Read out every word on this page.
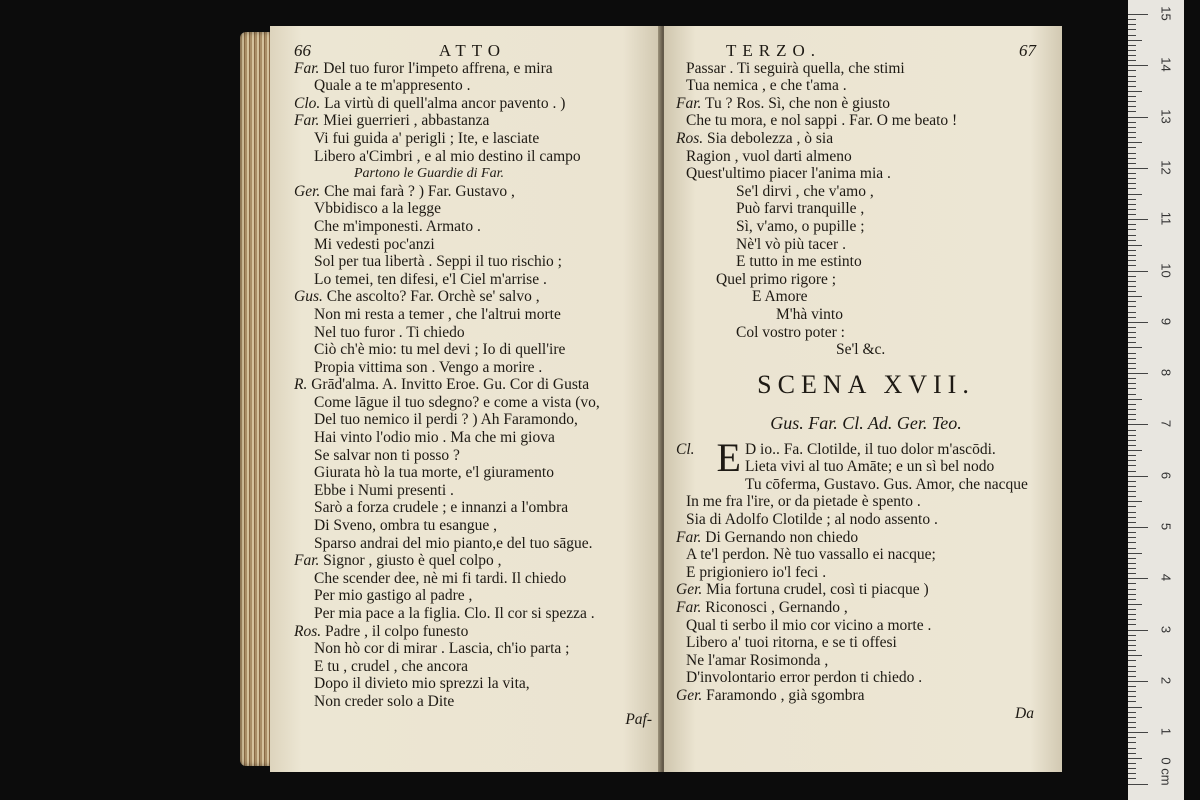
66	ATTO
Far. Del tuo furor l'impeto affrena, e mira
Quale a te m'appresento .
Clo. La virtù di quell'alma ancor pavento . )
Far. Miei guerrieri , abbastanza
Vi fui guida a' perigli ; Ite, e lasciate
Libero a'Cimbri , e al mio destino il campo
Partono le Guardie di Far.
Ger. Che mai farà ? ) Far. Gustavo ,
Vbbidisco a la legge
Che m'imponesti. Armato .
Mi vedesti poc'anzi
Sol per tua libertà . Seppi il tuo rischio ;
Lo temei, ten difesi, e'l Ciel m'arrise .
Gus. Che ascolto? Far. Orchè se' salvo ,
Non mi resta a temer , che l'altrui morte
Nel tuo furor . Ti chiedo
Ciò ch'è mio: tu mel devi ; Io di quell'ire
Propia vittima son . Vengo a morire .
R. Grād'alma. A. Invitto Eroe. Gu. Cor di Gusta
Come lāgue il tuo sdegno? e come a vista (vo,
Del tuo nemico il perdi ? ) Ah Faramondo,
Hai vinto l'odio mio . Ma che mi giova
Se salvar non ti posso ?
Giurata hò la tua morte, e'l giuramento
Ebbe i Numi presenti .
Sarò a forza crudele ; e innanzi a l'ombra
Di Sveno, ombra tu esangue ,
Sparso andrai del mio pianto,e del tuo sāgue.
Far. Signor , giusto è quel colpo ,
Che scender dee, nè mi fi tardi. Il chiedo
Per mio gastigo al padre ,
Per mia pace a la figlia. Clo. Il cor si spezza .
Ros. Padre , il colpo funesto
Non hò cor di mirar . Lascia, ch'io parta ;
E tu , crudel , che ancora
Dopo il divieto mio sprezzi la vita,
Non creder solo a Dite
Paf-
TERZO.	67
Passar . Ti seguirà quella, che stimi
Tua nemica , e che t'ama .
Far. Tu ? Ros. Sì, che non è giusto
Che tu mora, e nol sappi . Far. O me beato !
Ros. Sia debolezza , ò sia
Ragion , vuol darti almeno
Quest'ultimo piacer l'anima mia .
Se'l dirvi , che v'amo ,
Può farvi tranquille ,
Sì, v'amo, o pupille ;
Nè'l vò più tacer .
E tutto in me estinto
Quel primo rigore ;
E Amore
M'hà vinto
Col vostro poter :
Se'l &c.
SCENA XVII.
Gus. Far. Cl. Ad. Ger. Teo.
Cl. E D io.. Fa. Clotilde, il tuo dolor m'ascōdi.
Lieta vivi al tuo Amāte; e un sì bel nodo
Tu cōferma, Gustavo. Gus. Amor, che nacque
In me fra l'ire, or da pietade è spento .
Sia di Adolfo Clotilde ; al nodo assento .
Far. Di Gernando non chiedo
A te'l perdon. Nè tuo vassallo ei nacque;
E prigioniero io'l feci .
Ger. Mia fortuna crudel, così ti piacque )
Far. Riconosci , Gernando ,
Qual ti serbo il mio cor vicino a morte .
Libero a' tuoi ritorna, e se ti offesi
Ne l'amar Rosimonda ,
D'involontario error perdon ti chiedo .
Ger. Faramondo , già sgombra
Da
15
14
13
12
11
10
9
8
7
6
5
4
3
2
1
0 cm
